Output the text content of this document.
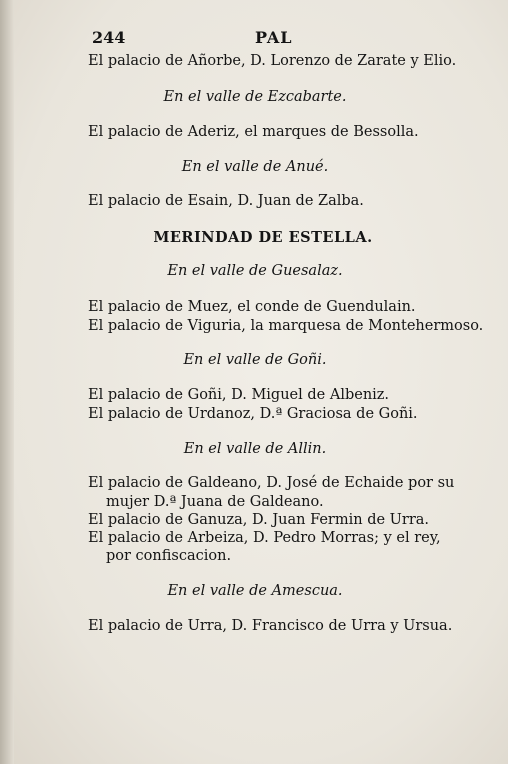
244	PAL
El palacio de Añorbe, D. Lorenzo de Zarate y Elio.
En el valle de Ezcabarte.
El palacio de Aderiz, el marques de Bessolla.
En el valle de Anué.
El palacio de Esain, D. Juan de Zalba.
MERINDAD DE ESTELLA.
En el valle de Guesalaz.
El palacio de Muez, el conde de Guendulain.
El palacio de Viguria, la marquesa de Montehermoso.
En el valle de Goñi.
El palacio de Goñi, D. Miguel de Albeniz.
El palacio de Urdanoz, D.ª Graciosa de Goñi.
En el valle de Allin.
El palacio de Galdeano, D. José de Echaide por su
mujer D.ª Juana de Galdeano.
El palacio de Ganuza, D. Juan Fermin de Urra.
El palacio de Arbeiza, D. Pedro Morras; y el rey,
por confiscacion.
En el valle de Amescua.
El palacio de Urra, D. Francisco de Urra y Ursua.
